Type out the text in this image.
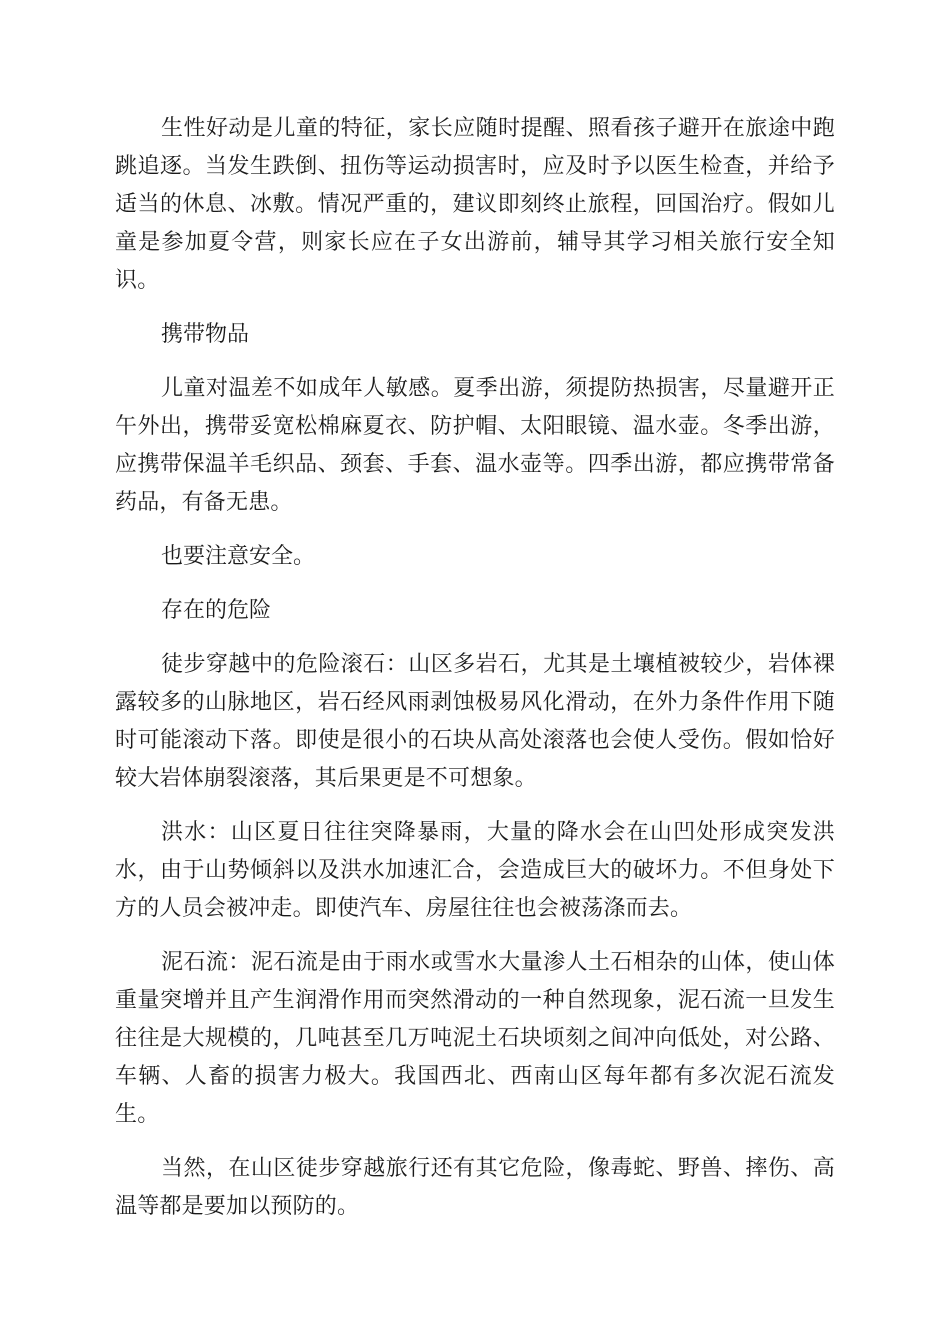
生性好动是儿童的特征，家长应随时提醒、照看孩子避开在旅途中跑跳追逐。当发生跌倒、扭伤等运动损害时，应及时予以医生检查，并给予适当的休息、冰敷。情况严重的，建议即刻终止旅程，回国治疗。假如儿童是参加夏令营，则家长应在子女出游前，辅导其学习相关旅行安全知识。

携带物品

儿童对温差不如成年人敏感。夏季出游，须提防热损害，尽量避开正午外出，携带妥宽松棉麻夏衣、防护帽、太阳眼镜、温水壶。冬季出游，应携带保温羊毛织品、颈套、手套、温水壶等。四季出游，都应携带常备药品，有备无患。

也要注意安全。

存在的危险

徒步穿越中的危险滚石：山区多岩石，尤其是土壤植被较少，岩体裸露较多的山脉地区，岩石经风雨剥蚀极易风化滑动，在外力条件作用下随时可能滚动下落。即使是很小的石块从高处滚落也会使人受伤。假如恰好较大岩体崩裂滚落，其后果更是不可想象。

洪水：山区夏日往往突降暴雨，大量的降水会在山凹处形成突发洪水，由于山势倾斜以及洪水加速汇合，会造成巨大的破坏力。不但身处下方的人员会被冲走。即使汽车、房屋往往也会被荡涤而去。

泥石流：泥石流是由于雨水或雪水大量渗人土石相杂的山体，使山体重量突增并且产生润滑作用而突然滑动的一种自然现象，泥石流一旦发生往往是大规模的，几吨甚至几万吨泥土石块顷刻之间冲向低处，对公路、车辆、人畜的损害力极大。我国西北、西南山区每年都有多次泥石流发生。

当然，在山区徒步穿越旅行还有其它危险，像毒蛇、野兽、摔伤、高温等都是要加以预防的。
